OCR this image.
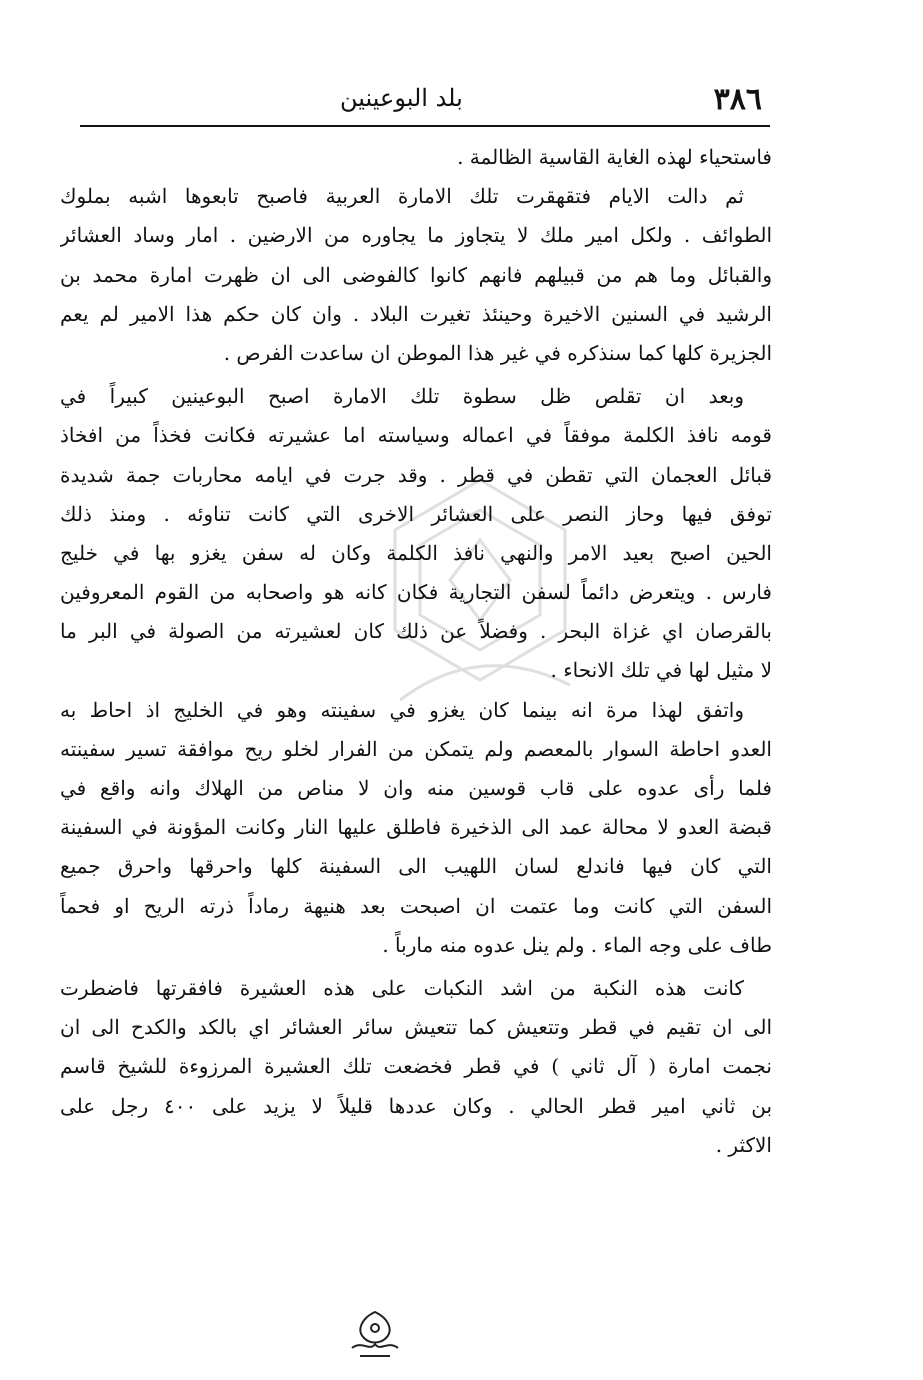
٣٨٦
بلد البوعينين
فاستحياء لهذه الغاية القاسية الظالمة .
ثم دالت الايام فتقهقرت تلك الامارة العربية فاصبح تابعوها اشبه بملوك
الطوائف . ولكل امير ملك لا يتجاوز ما يجاوره من الارضين . امار وساد العشائر
والقبائل وما هم من قبيلهم فانهم كانوا كالفوضى الى ان ظهرت امارة محمد بن
الرشيد في السنين الاخيرة وحينئذ تغيرت البلاد . وان كان حكم هذا الامير لم يعم
الجزيرة كلها كما سنذكره في غير هذا الموطن ان ساعدت الفرص .
وبعد ان تقلص ظل سطوة تلك الامارة اصبح البوعينين كبيراً في
قومه نافذ الكلمة موفقاً في اعماله وسياسته اما عشيرته فكانت فخذاً من افخاذ
قبائل العجمان التي تقطن في قطر . وقد جرت في ايامه محاربات جمة شديدة
توفق فيها وحاز النصر على العشائر الاخرى التي كانت تناوئه . ومنذ ذلك
الحين اصبح بعيد الامر والنهي نافذ الكلمة وكان له سفن يغزو بها في خليج
فارس . ويتعرض دائماً لسفن التجارية فكان كانه هو واصحابه من القوم المعروفين
بالقرصان اي غزاة البحر . وفضلاً عن ذلك كان لعشيرته من الصولة في البر ما
لا مثيل لها في تلك الانحاء .
واتفق لهذا مرة انه بينما كان يغزو في سفينته وهو في الخليج اذ احاط به
العدو احاطة السوار بالمعصم ولم يتمكن من الفرار لخلو ريح موافقة تسير سفينته
فلما رأى عدوه على قاب قوسين منه وان لا مناص من الهلاك وانه واقع في
قبضة العدو لا محالة عمد الى الذخيرة فاطلق عليها النار وكانت المؤونة في السفينة
التي كان فيها فاندلع لسان اللهيب الى السفينة كلها واحرقها واحرق جميع
السفن التي كانت وما عتمت ان اصبحت بعد هنيهة رماداً ذرته الريح او فحماً
طاف على وجه الماء . ولم ينل عدوه منه مارباً .
كانت هذه النكبة من اشد النكبات على هذه العشيرة فافقرتها فاضطرت
الى ان تقيم في قطر وتتعيش كما تتعيش سائر العشائر اي بالكد والكدح الى ان
نجمت امارة ( آل ثاني ) في قطر فخضعت تلك العشيرة المرزوءة للشيخ قاسم
بن ثاني امير قطر الحالي . وكان عددها قليلاً لا يزيد على ٤٠٠ رجل على
الاكثر .
